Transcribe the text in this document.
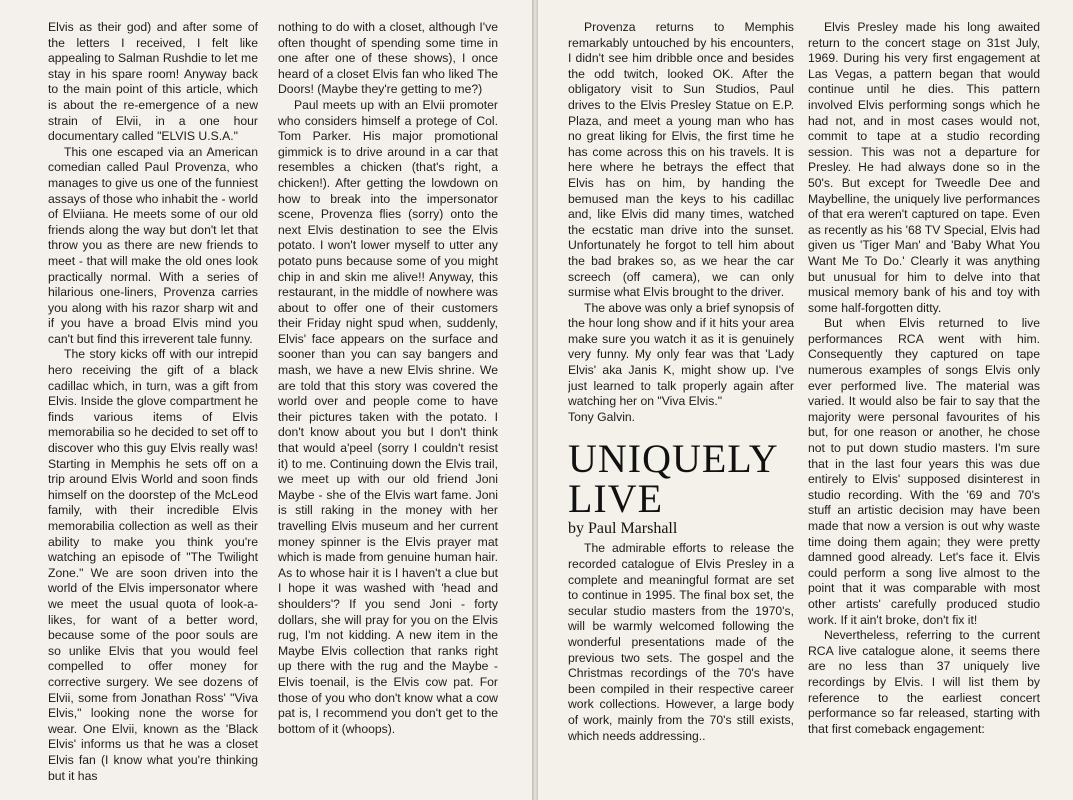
Elvis as their god) and after some of the letters I received, I felt like appealing to Salman Rushdie to let me stay in his spare room! Anyway back to the main point of this article, which is about the re-emergence of a new strain of Elvii, in a one hour documentary called "ELVIS U.S.A."

This one escaped via an American comedian called Paul Provenza, who manages to give us one of the funniest assays of those who inhabit the - world of Elviiana. He meets some of our old friends along the way but don't let that throw you as there are new friends to meet - that will make the old ones look practically normal. With a series of hilarious one-liners, Provenza carries you along with his razor sharp wit and if you have a broad Elvis mind you can't but find this irreverent tale funny.

The story kicks off with our intrepid hero receiving the gift of a black cadillac which, in turn, was a gift from Elvis. Inside the glove compartment he finds various items of Elvis memorabilia so he decided to set off to discover who this guy Elvis really was! Starting in Memphis he sets off on a trip around Elvis World and soon finds himself on the doorstep of the McLeod family, with their incredible Elvis memorabilia collection as well as their ability to make you think you're watching an episode of "The Twilight Zone." We are soon driven into the world of the Elvis impersonator where we meet the usual quota of look-a-likes, for want of a better word, because some of the poor souls are so unlike Elvis that you would feel compelled to offer money for corrective surgery. We see dozens of Elvii, some from Jonathan Ross' "Viva Elvis," looking none the worse for wear. One Elvii, known as the 'Black Elvis' informs us that he was a closet Elvis fan (I know what you're thinking but it has

nothing to do with a closet, although I've often thought of spending some time in one after one of these shows), I once heard of a closet Elvis fan who liked The Doors! (Maybe they're getting to me?)

Paul meets up with an Elvii promoter who considers himself a protege of Col. Tom Parker. His major promotional gimmick is to drive around in a car that resembles a chicken (that's right, a chicken!). After getting the lowdown on how to break into the impersonator scene, Provenza flies (sorry) onto the next Elvis destination to see the Elvis potato. I won't lower myself to utter any potato puns because some of you might chip in and skin me alive!! Anyway, this restaurant, in the middle of nowhere was about to offer one of their customers their Friday night spud when, suddenly, Elvis' face appears on the surface and sooner than you can say bangers and mash, we have a new Elvis shrine. We are told that this story was covered the world over and people come to have their pictures taken with the potato. I don't know about you but I don't think that would a'peel (sorry I couldn't resist it) to me. Continuing down the Elvis trail, we meet up with our old friend Joni Maybe - she of the Elvis wart fame. Joni is still raking in the money with her travelling Elvis museum and her current money spinner is the Elvis prayer mat which is made from genuine human hair. As to whose hair it is I haven't a clue but I hope it was washed with 'head and shoulders'? If you send Joni - forty dollars, she will pray for you on the Elvis rug, I'm not kidding. A new item in the Maybe Elvis collection that ranks right up there with the rug and the Maybe - Elvis toenail, is the Elvis cow pat. For those of you who don't know what a cow pat is, I recommend you don't get to the bottom of it (whoops).

Provenza returns to Memphis remarkably untouched by his encounters, I didn't see him dribble once and besides the odd twitch, looked OK. After the obligatory visit to Sun Studios, Paul drives to the Elvis Presley Statue on E.P. Plaza, and meet a young man who has no great liking for Elvis, the first time he has come across this on his travels. It is here where he betrays the effect that Elvis has on him, by handing the bemused man the keys to his cadillac and, like Elvis did many times, watched the ecstatic man drive into the sunset. Unfortunately he forgot to tell him about the bad brakes so, as we hear the car screech (off camera), we can only surmise what Elvis brought to the driver.

The above was only a brief synopsis of the hour long show and if it hits your area make sure you watch it as it is genuinely very funny. My only fear was that 'Lady Elvis' aka Janis K, might show up. I've just learned to talk properly again after watching her on "Viva Elvis."

Tony Galvin.

UNIQUELY
LIVE
by Paul Marshall

The admirable efforts to release the recorded catalogue of Elvis Presley in a complete and meaningful format are set to continue in 1995. The final box set, the secular studio masters from the 1970's, will be warmly welcomed following the wonderful presentations made of the previous two sets. The gospel and the Christmas recordings of the 70's have been compiled in their respective career work collections. However, a large body of work, mainly from the 70's still exists, which needs addressing..

Elvis Presley made his long awaited return to the concert stage on 31st July, 1969. During his very first engagement at Las Vegas, a pattern began that would continue until he dies. This pattern involved Elvis performing songs which he had not, and in most cases would not, commit to tape at a studio recording session. This was not a departure for Presley. He had always done so in the 50's. But except for Tweedle Dee and Maybelline, the uniquely live performances of that era weren't captured on tape. Even as recently as his '68 TV Special, Elvis had given us 'Tiger Man' and 'Baby What You Want Me To Do.' Clearly it was anything but unusual for him to delve into that musical memory bank of his and toy with some half-forgotten ditty.

But when Elvis returned to live performances RCA went with him. Consequently they captured on tape numerous examples of songs Elvis only ever performed live. The material was varied. It would also be fair to say that the majority were personal favourites of his but, for one reason or another, he chose not to put down studio masters. I'm sure that in the last four years this was due entirely to Elvis' supposed disinterest in studio recording. With the '69 and 70's stuff an artistic decision may have been made that now a version is out why waste time doing them again; they were pretty damned good already. Let's face it. Elvis could perform a song live almost to the point that it was comparable with most other artists' carefully produced studio work. If it ain't broke, don't fix it!

Nevertheless, referring to the current RCA live catalogue alone, it seems there are no less than 37 uniquely live recordings by Elvis. I will list them by reference to the earliest concert performance so far released, starting with that first comeback engagement:
